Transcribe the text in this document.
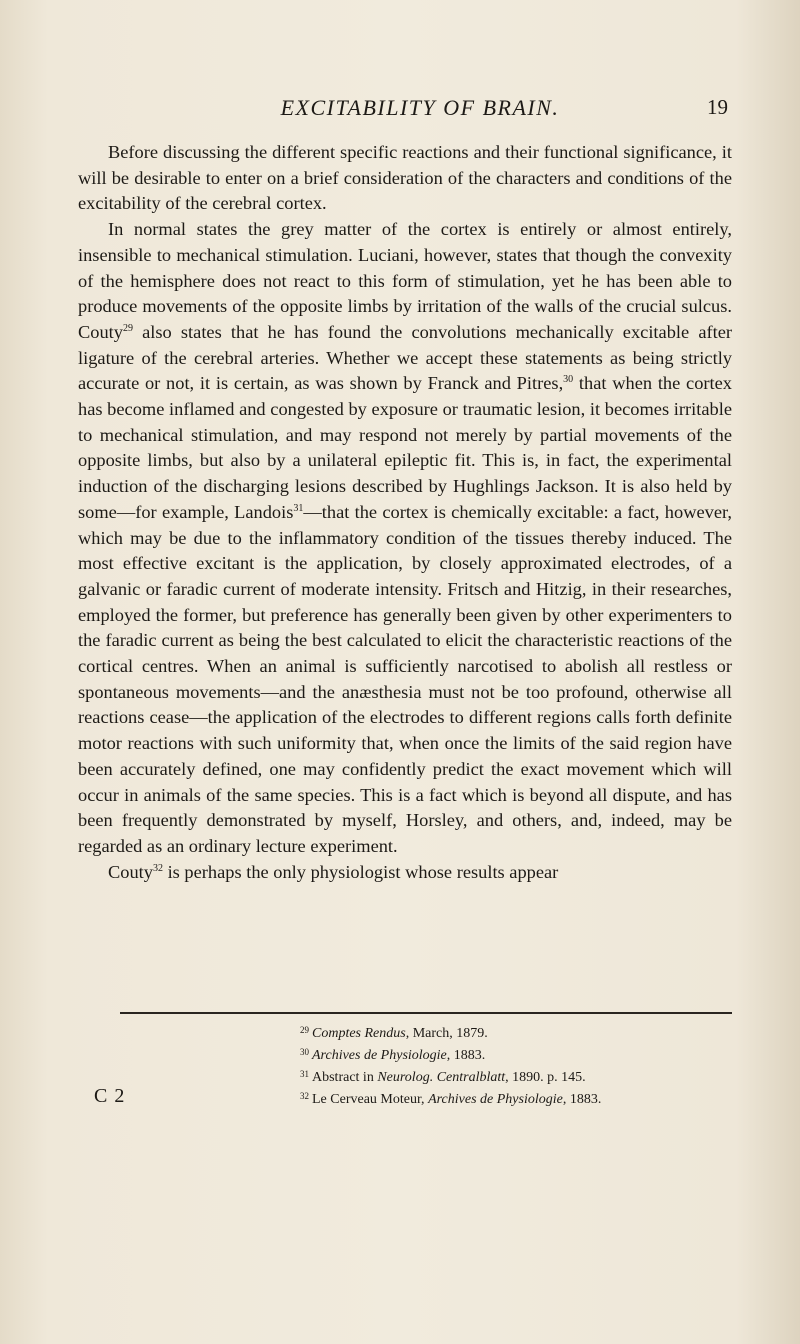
EXCITABILITY OF BRAIN.	19

Before discussing the different specific reactions and their functional significance, it will be desirable to enter on a brief consideration of the characters and conditions of the excitability of the cerebral cortex.

In normal states the grey matter of the cortex is entirely or almost entirely, insensible to mechanical stimulation. Luciani, however, states that though the convexity of the hemisphere does not react to this form of stimulation, yet he has been able to produce movements of the opposite limbs by irritation of the walls of the crucial sulcus. Couty$^{29}$ also states that he has found the convolutions mechanically excitable after ligature of the cerebral arteries. Whether we accept these statements as being strictly accurate or not, it is certain, as was shown by Franck and Pitres,$^{30}$ that when the cortex has become inflamed and congested by exposure or traumatic lesion, it becomes irritable to mechanical stimulation, and may respond not merely by partial movements of the opposite limbs, but also by a unilateral epileptic fit. This is, in fact, the experimental induction of the discharging lesions described by Hughlings Jackson. It is also held by some—for example, Landois$^{31}$—that the cortex is chemically excitable: a fact, however, which may be due to the inflammatory condition of the tissues thereby induced. The most effective excitant is the application, by closely approximated electrodes, of a galvanic or faradic current of moderate intensity. Fritsch and Hitzig, in their researches, employed the former, but preference has generally been given by other experimenters to the faradic current as being the best calculated to elicit the characteristic reactions of the cortical centres. When an animal is sufficiently narcotised to abolish all restless or spontaneous movements—and the anæsthesia must not be too profound, otherwise all reactions cease—the application of the electrodes to different regions calls forth definite motor reactions with such uniformity that, when once the limits of the said region have been accurately defined, one may confidently predict the exact movement which will occur in animals of the same species. This is a fact which is beyond all dispute, and has been frequently demonstrated by myself, Horsley, and others, and, indeed, may be regarded as an ordinary lecture experiment.

Couty$^{32}$ is perhaps the only physiologist whose results appear

$^{29}$ Comptes Rendus, March, 1879.
$^{30}$ Archives de Physiologie, 1883.
$^{31}$ Abstract in Neurolog. Centralblatt, 1890. p. 145.
$^{32}$ Le Cerveau Moteur, Archives de Physiologie, 1883.
C 2
